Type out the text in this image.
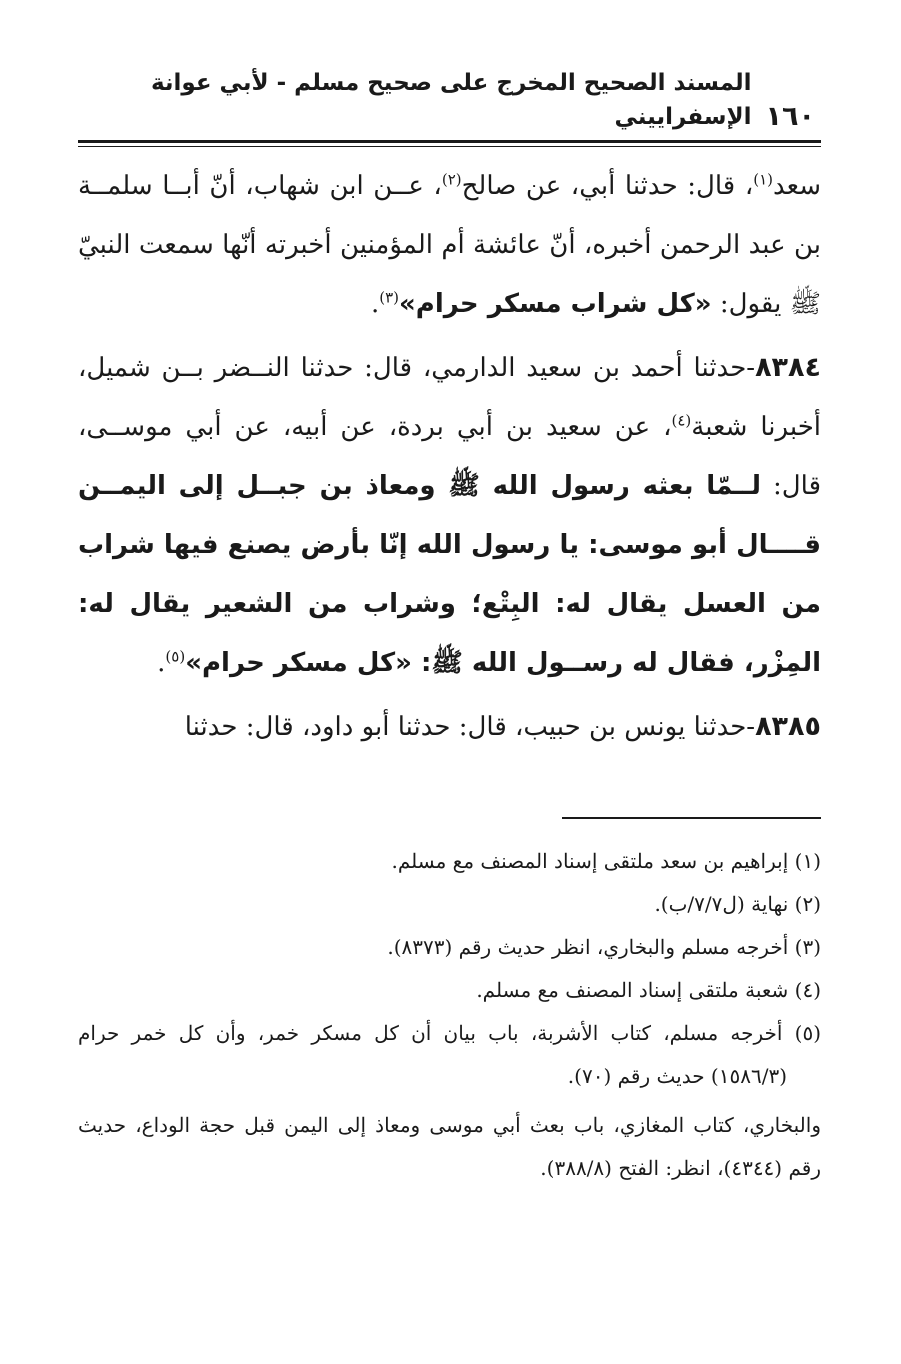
١٦٠
المسند الصحيح المخرج على صحيح مسلم - لأبي عوانة الإسفراييني

سعد$^{(١)}$، قال: حدثنا أبي، عن صالح$^{(٢)}$، عــن ابن شهاب، أنّ أبــا سلمــة بن عبد الرحمن أخبره، أنّ عائشة أم المؤمنين أخبرته أنّها سمعت النبيّ ﷺ يقول: «كل شراب مسكر حرام»$^{(٣)}$.

٨٣٨٤-حدثنا أحمد بن سعيد الدارمي، قال: حدثنا النــضر بــن شميل، أخبرنا شعبة$^{(٤)}$، عن سعيد بن أبي بردة، عن أبيه، عن أبي موســى، قال: لــمّا بعثه رسول الله ﷺ ومعاذ بن جبــل إلى اليمــن قــــال أبو موسى: يا رسول الله إنّا بأرض يصنع فيها شراب من العسل يقال له: البِتْع؛ وشراب من الشعير يقال له: المِزْر، فقال له رســول الله ﷺ: «كل مسكر حرام»$^{(٥)}$.

٨٣٨٥-حدثنا يونس بن حبيب، قال: حدثنا أبو داود، قال: حدثنا

(١) إبراهيم بن سعد ملتقى إسناد المصنف مع مسلم.

(٢) نهاية (ل٧/٧/ب).

(٣) أخرجه مسلم والبخاري، انظر حديث رقم (٨٣٧٣).

(٤) شعبة ملتقى إسناد المصنف مع مسلم.

(٥) أخرجه مسلم، كتاب الأشربة، باب بيان أن كل مسكر خمر، وأن كل خمر حرام (١٥٨٦/٣) حديث رقم (٧٠).

والبخاري، كتاب المغازي، باب بعث أبي موسى ومعاذ إلى اليمن قبل حجة الوداع، حديث رقم (٤٣٤٤)، انظر: الفتح (٣٨٨/٨).
